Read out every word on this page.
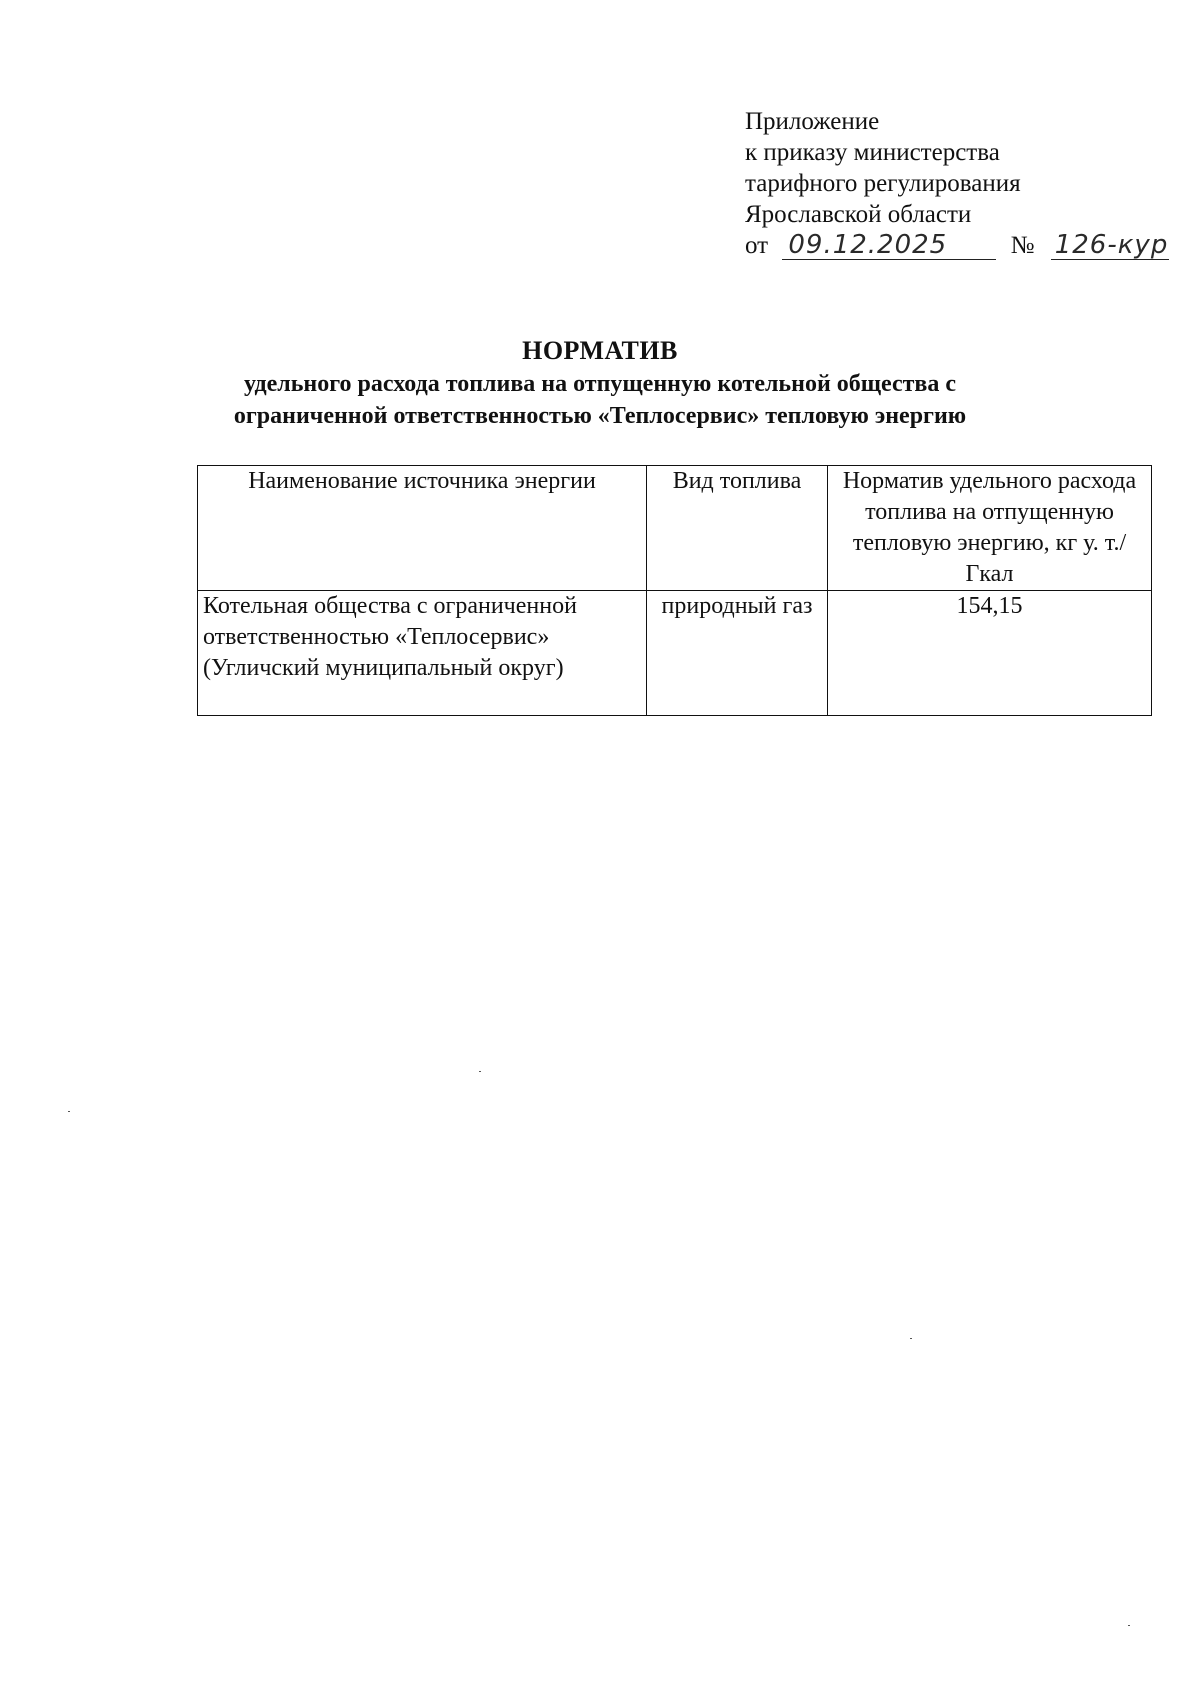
Приложение
к приказу министерства
тарифного регулирования
Ярославской области
от 09.12.2025	№ 126-кур
НОРМАТИВ
удельного расхода топлива на отпущенную котельной общества с
ограниченной ответственностью «Теплосервис» тепловую энергию
Наименование источника энергии	Вид топлива	Норматив удельного расхода топлива на отпущенную тепловую энергию, кг у. т./ Гкал
Котельная общества с ограниченной ответственностью «Теплосервис» (Угличский муниципальный округ)	природный газ	154,15
